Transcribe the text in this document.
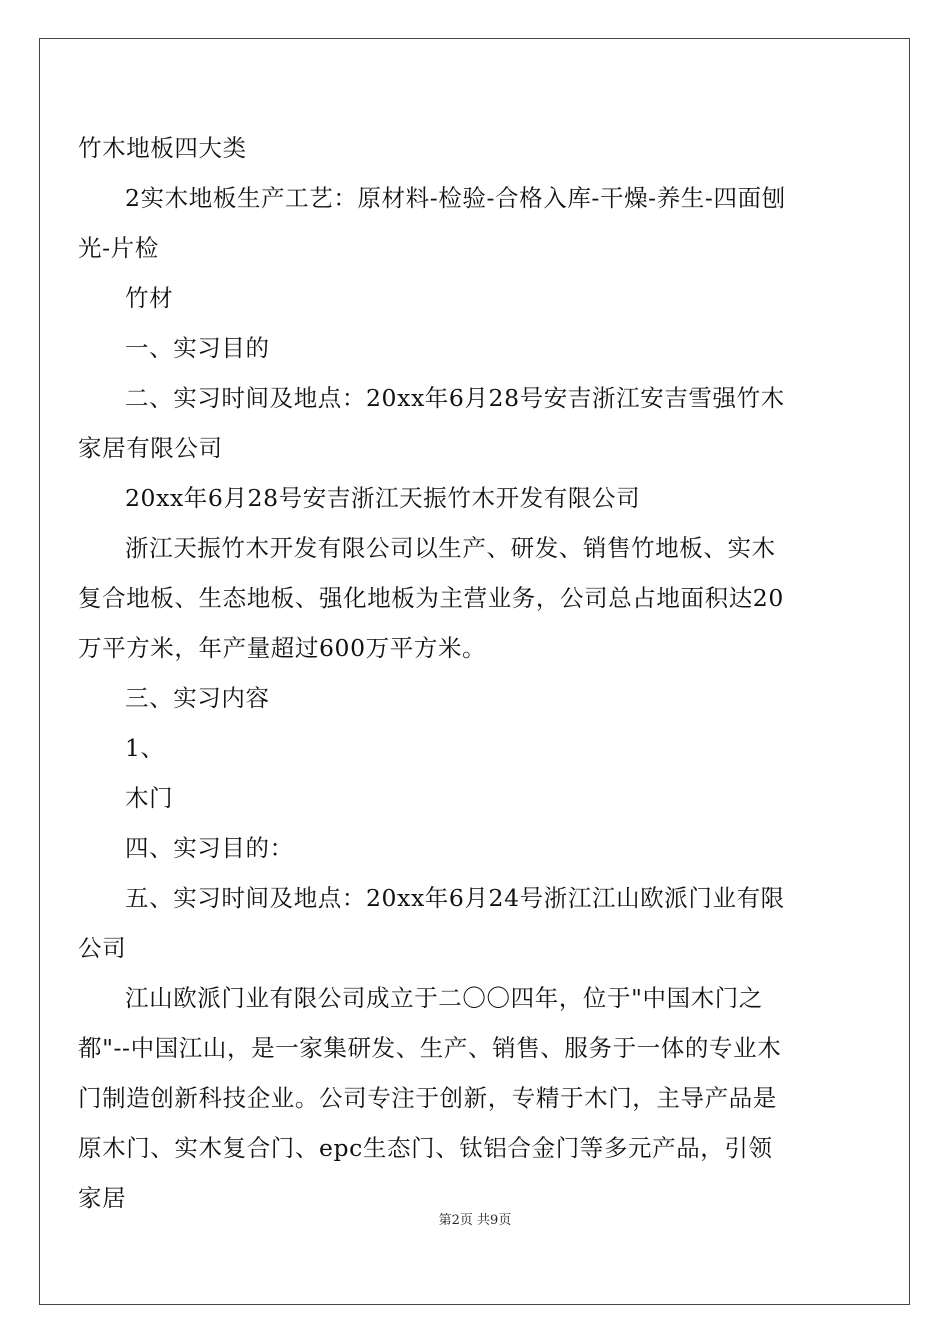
竹木地板四大类

2实木地板生产工艺：原材料-检验-合格入库-干燥-养生-四面刨光-片检

竹材

一、实习目的

二、实习时间及地点：20xx年6月28号安吉浙江安吉雪强竹木家居有限公司

20xx年6月28号安吉浙江天振竹木开发有限公司

浙江天振竹木开发有限公司以生产、研发、销售竹地板、实木复合地板、生态地板、强化地板为主营业务，公司总占地面积达20万平方米，年产量超过600万平方米。

三、实习内容

1、

木门

四、实习目的：

五、实习时间及地点：20xx年6月24号浙江江山欧派门业有限公司

江山欧派门业有限公司成立于二〇〇四年，位于"中国木门之都"--中国江山，是一家集研发、生产、销售、服务于一体的专业木门制造创新科技企业。公司专注于创新，专精于木门，主导产品是原木门、实木复合门、epc生态门、钛铝合金门等多元产品，引领家居

第2页 共9页
